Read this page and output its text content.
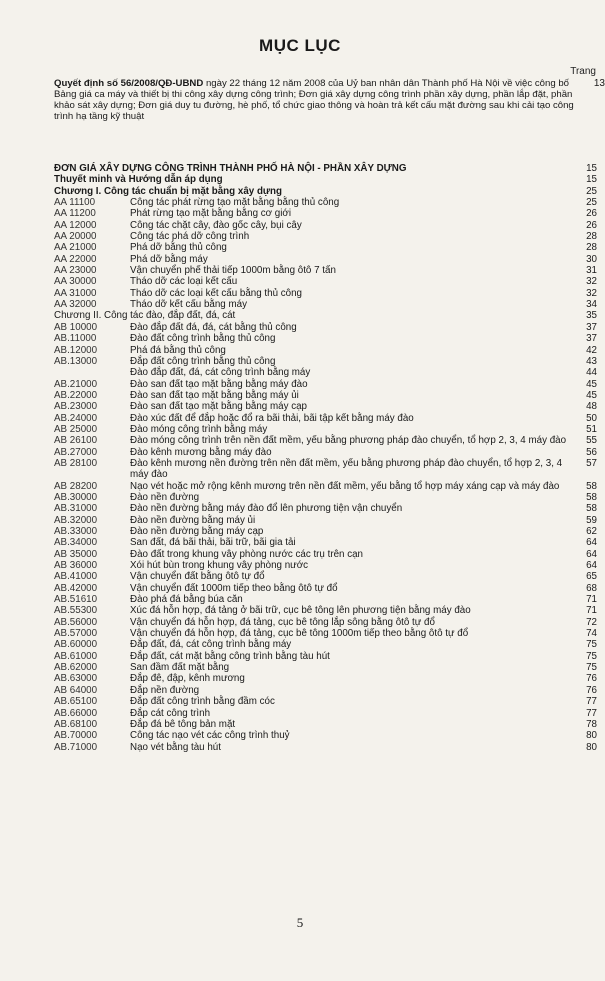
MỤC LỤC
Trang
Quyết định số 56/2008/QĐ-UBND ngày 22 tháng 12 năm 2008 của Uỷ ban nhân dân Thành phố Hà Nội về việc công bố Bảng giá ca máy và thiết bị thi công xây dựng công trình; Đơn giá xây dựng công trình phần xây dựng, phần lắp đặt, phần khảo sát xây dựng; Đơn giá duy tu đường, hè phố, tổ chức giao thông và hoàn trả kết cấu mặt đường sau khi cải tạo công trình hạ tầng kỹ thuật
13
ĐƠN GIÁ XÂY DỰNG CÔNG TRÌNH THÀNH PHỐ HÀ NỘI - PHẦN XÂY DỰNG	15
Thuyết minh và Hướng dẫn áp dụng	15
Chương I. Công tác chuẩn bị mặt bằng xây dựng	25
AA 11100	Công tác phát rừng tạo mặt bằng bằng thủ công	25
AA 11200	Phát rừng tạo mặt bằng bằng cơ giới	26
AA 12000	Công tác chặt cây, đào gốc cây, bụi cây	26
AA 20000	Công tác phá dỡ công trình	28
AA 21000	Phá dỡ bằng thủ công	28
AA 22000	Phá dỡ bằng máy	30
AA 23000	Vận chuyển phế thải tiếp 1000m bằng ôtô 7 tấn	31
AA 30000	Tháo dỡ các loại kết cấu	32
AA 31000	Tháo dỡ các loại kết cấu bằng thủ công	32
AA 32000	Tháo dỡ kết cấu bằng máy	34
Chương II. Công tác đào, đắp đất, đá, cát	35
AB 10000	Đào đắp đất đá, đá, cát bằng thủ công	37
AB.11000	Đào đất công trình bằng thủ công	37
AB.12000	Phá đá bằng thủ công	42
AB.13000	Đắp đất công trình bằng thủ công	43
Đào đắp đất, đá, cát công trình bằng máy	44
AB.21000	Đào san đất tạo mặt bằng bằng máy đào	45
AB.22000	Đào san đất tạo mặt bằng bằng máy ủi	45
AB.23000	Đào san đất tạo mặt bằng bằng máy cạp	48
AB.24000	Đào xúc đất để đắp hoặc đổ ra bãi thải, bãi tập kết bằng máy đào	50
AB 25000	Đào móng công trình bằng máy	51
AB 26100	Đào móng công trình trên nền đất mềm, yếu bằng phương pháp đào chuyển, tổ hợp 2, 3, 4 máy đào	55
AB.27000	Đào kênh mương bằng máy đào	56
AB 28100	Đào kênh mương nền đường trên nền đất mềm, yếu bằng phương pháp đào chuyển, tổ hợp 2, 3, 4 máy đào
57
AB 28200	Nạo vét hoặc mở rộng kênh mương trên nền đất mềm, yếu bằng tổ hợp máy xáng cạp và máy đào	58
AB.30000	Đào nền đường	58
AB.31000	Đào nền đường bằng máy đào đổ lên phương tiện vận chuyển	58
AB.32000	Đào nền đường bằng máy ủi	59
AB.33000	Đào nền đường bằng máy cạp	62
AB.34000	San đất, đá bãi thải, bãi trữ, bãi gia tải	64
AB 35000	Đào đất trong khung vây phòng nước các trụ trên cạn	64
AB 36000	Xói hút bùn trong khung vây phòng nước	64
AB.41000	Vận chuyển đất bằng ôtô tự đổ	65
AB.42000	Vận chuyển đất 1000m tiếp theo bằng ôtô tự đổ	68
AB.51610	Đào phá đá bằng búa căn	71
AB.55300	Xúc đá hỗn hợp, đá tảng ở bãi trữ, cục bê tông lên phương tiện bằng máy đào	71
AB.56000	Vận chuyển đá hỗn hợp, đá tảng, cục bê tông lắp sông bằng ôtô tự đổ	72
AB.57000	Vận chuyển đá hỗn hợp, đá tảng, cục bê tông 1000m tiếp theo bằng ôtô tự đổ	74
AB.60000	Đắp đất, đá, cát công trình bằng máy	75
AB.61000	Đắp đất, cát mặt bằng công trình bằng tàu hút	75
AB.62000	San đầm đất mặt bằng	75
AB.63000	Đắp đê, đập, kênh mương	76
AB 64000	Đắp nền đường	76
AB.65100	Đắp đất công trình bằng đầm cóc	77
AB.66000	Đắp cát công trình	77
AB.68100	Đắp đá bê tông bản mặt	78
AB.70000	Công tác nạo vét các công trình thuỷ	80
AB.71000	Nạo vét bằng tàu hút	80
5
